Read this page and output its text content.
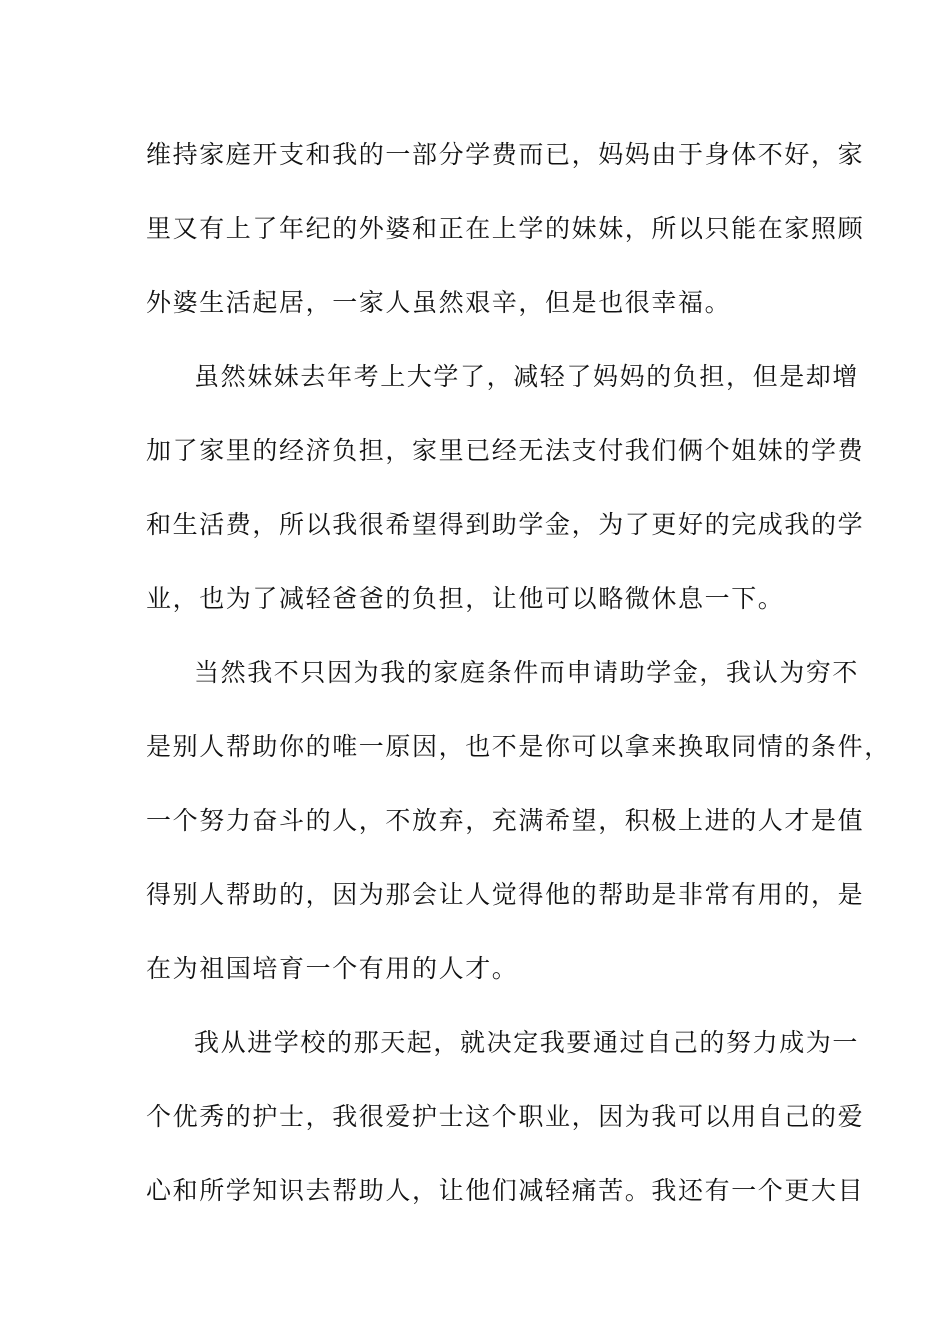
维持家庭开支和我的一部分学费而已，妈妈由于身体不好，家
里又有上了年纪的外婆和正在上学的妹妹，所以只能在家照顾
外婆生活起居，一家人虽然艰辛，但是也很幸福。
虽然妹妹去年考上大学了，减轻了妈妈的负担，但是却增
加了家里的经济负担，家里已经无法支付我们俩个姐妹的学费
和生活费，所以我很希望得到助学金，为了更好的完成我的学
业，也为了减轻爸爸的负担，让他可以略微休息一下。
当然我不只因为我的家庭条件而申请助学金，我认为穷不
是别人帮助你的唯一原因，也不是你可以拿来换取同情的条件，
一个努力奋斗的人，不放弃，充满希望，积极上进的人才是值
得别人帮助的，因为那会让人觉得他的帮助是非常有用的，是
在为祖国培育一个有用的人才。
我从进学校的那天起，就决定我要通过自己的努力成为一
个优秀的护士，我很爱护士这个职业，因为我可以用自己的爱
心和所学知识去帮助人，让他们减轻痛苦。我还有一个更大目
